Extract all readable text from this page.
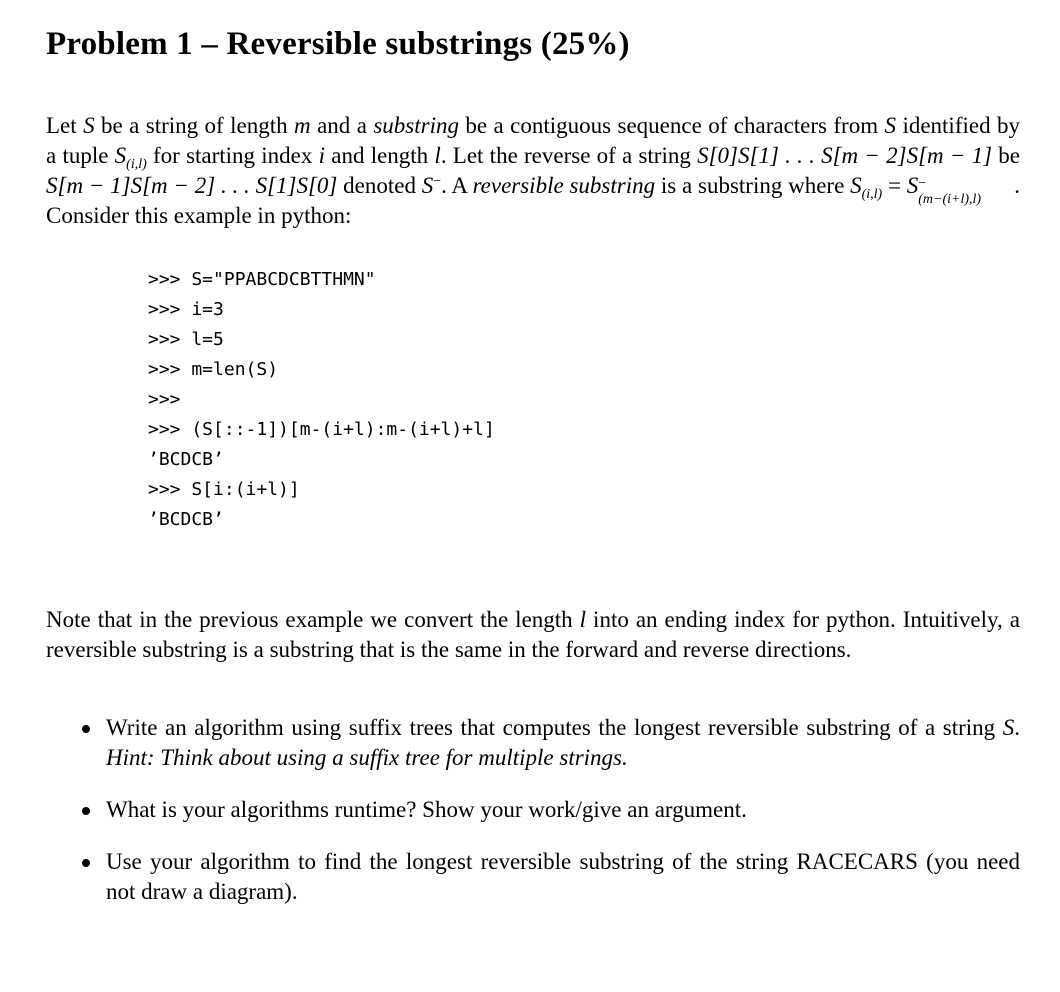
Problem 1 – Reversible substrings (25%)

Let S be a string of length m and a substring be a contiguous sequence of characters from S identified by a tuple $S_{(i,l)}$ for starting index i and length l. Let the reverse of a string S[0]S[1] . . . S[m − 2]S[m − 1] be S[m − 1]S[m − 2] . . . S[1]S[0] denoted S−. A reversible substring is a substring where $S_{(i,l)} = S$ −
(m−(i+l),l)
. Consider this example in python:

>>> S="PPABCDCBTTHMN"
>>> i=3
>>> l=5
>>> m=len(S)
>>>
>>> (S[::-1])[m-(i+l):m-(i+l)+l]
’BCDCB’
>>> S[i:(i+l)]
’BCDCB’

Note that in the previous example we convert the length l into an ending index for python. Intuitively, a reversible substring is a substring that is the same in the forward and reverse directions.

Write an algorithm using suffix trees that computes the longest reversible substring of a string S. Hint: Think about using a suffix tree for multiple strings.
What is your algorithms runtime? Show your work/give an argument.
Use your algorithm to find the longest reversible substring of the string RACECARS (you need not draw a diagram).
